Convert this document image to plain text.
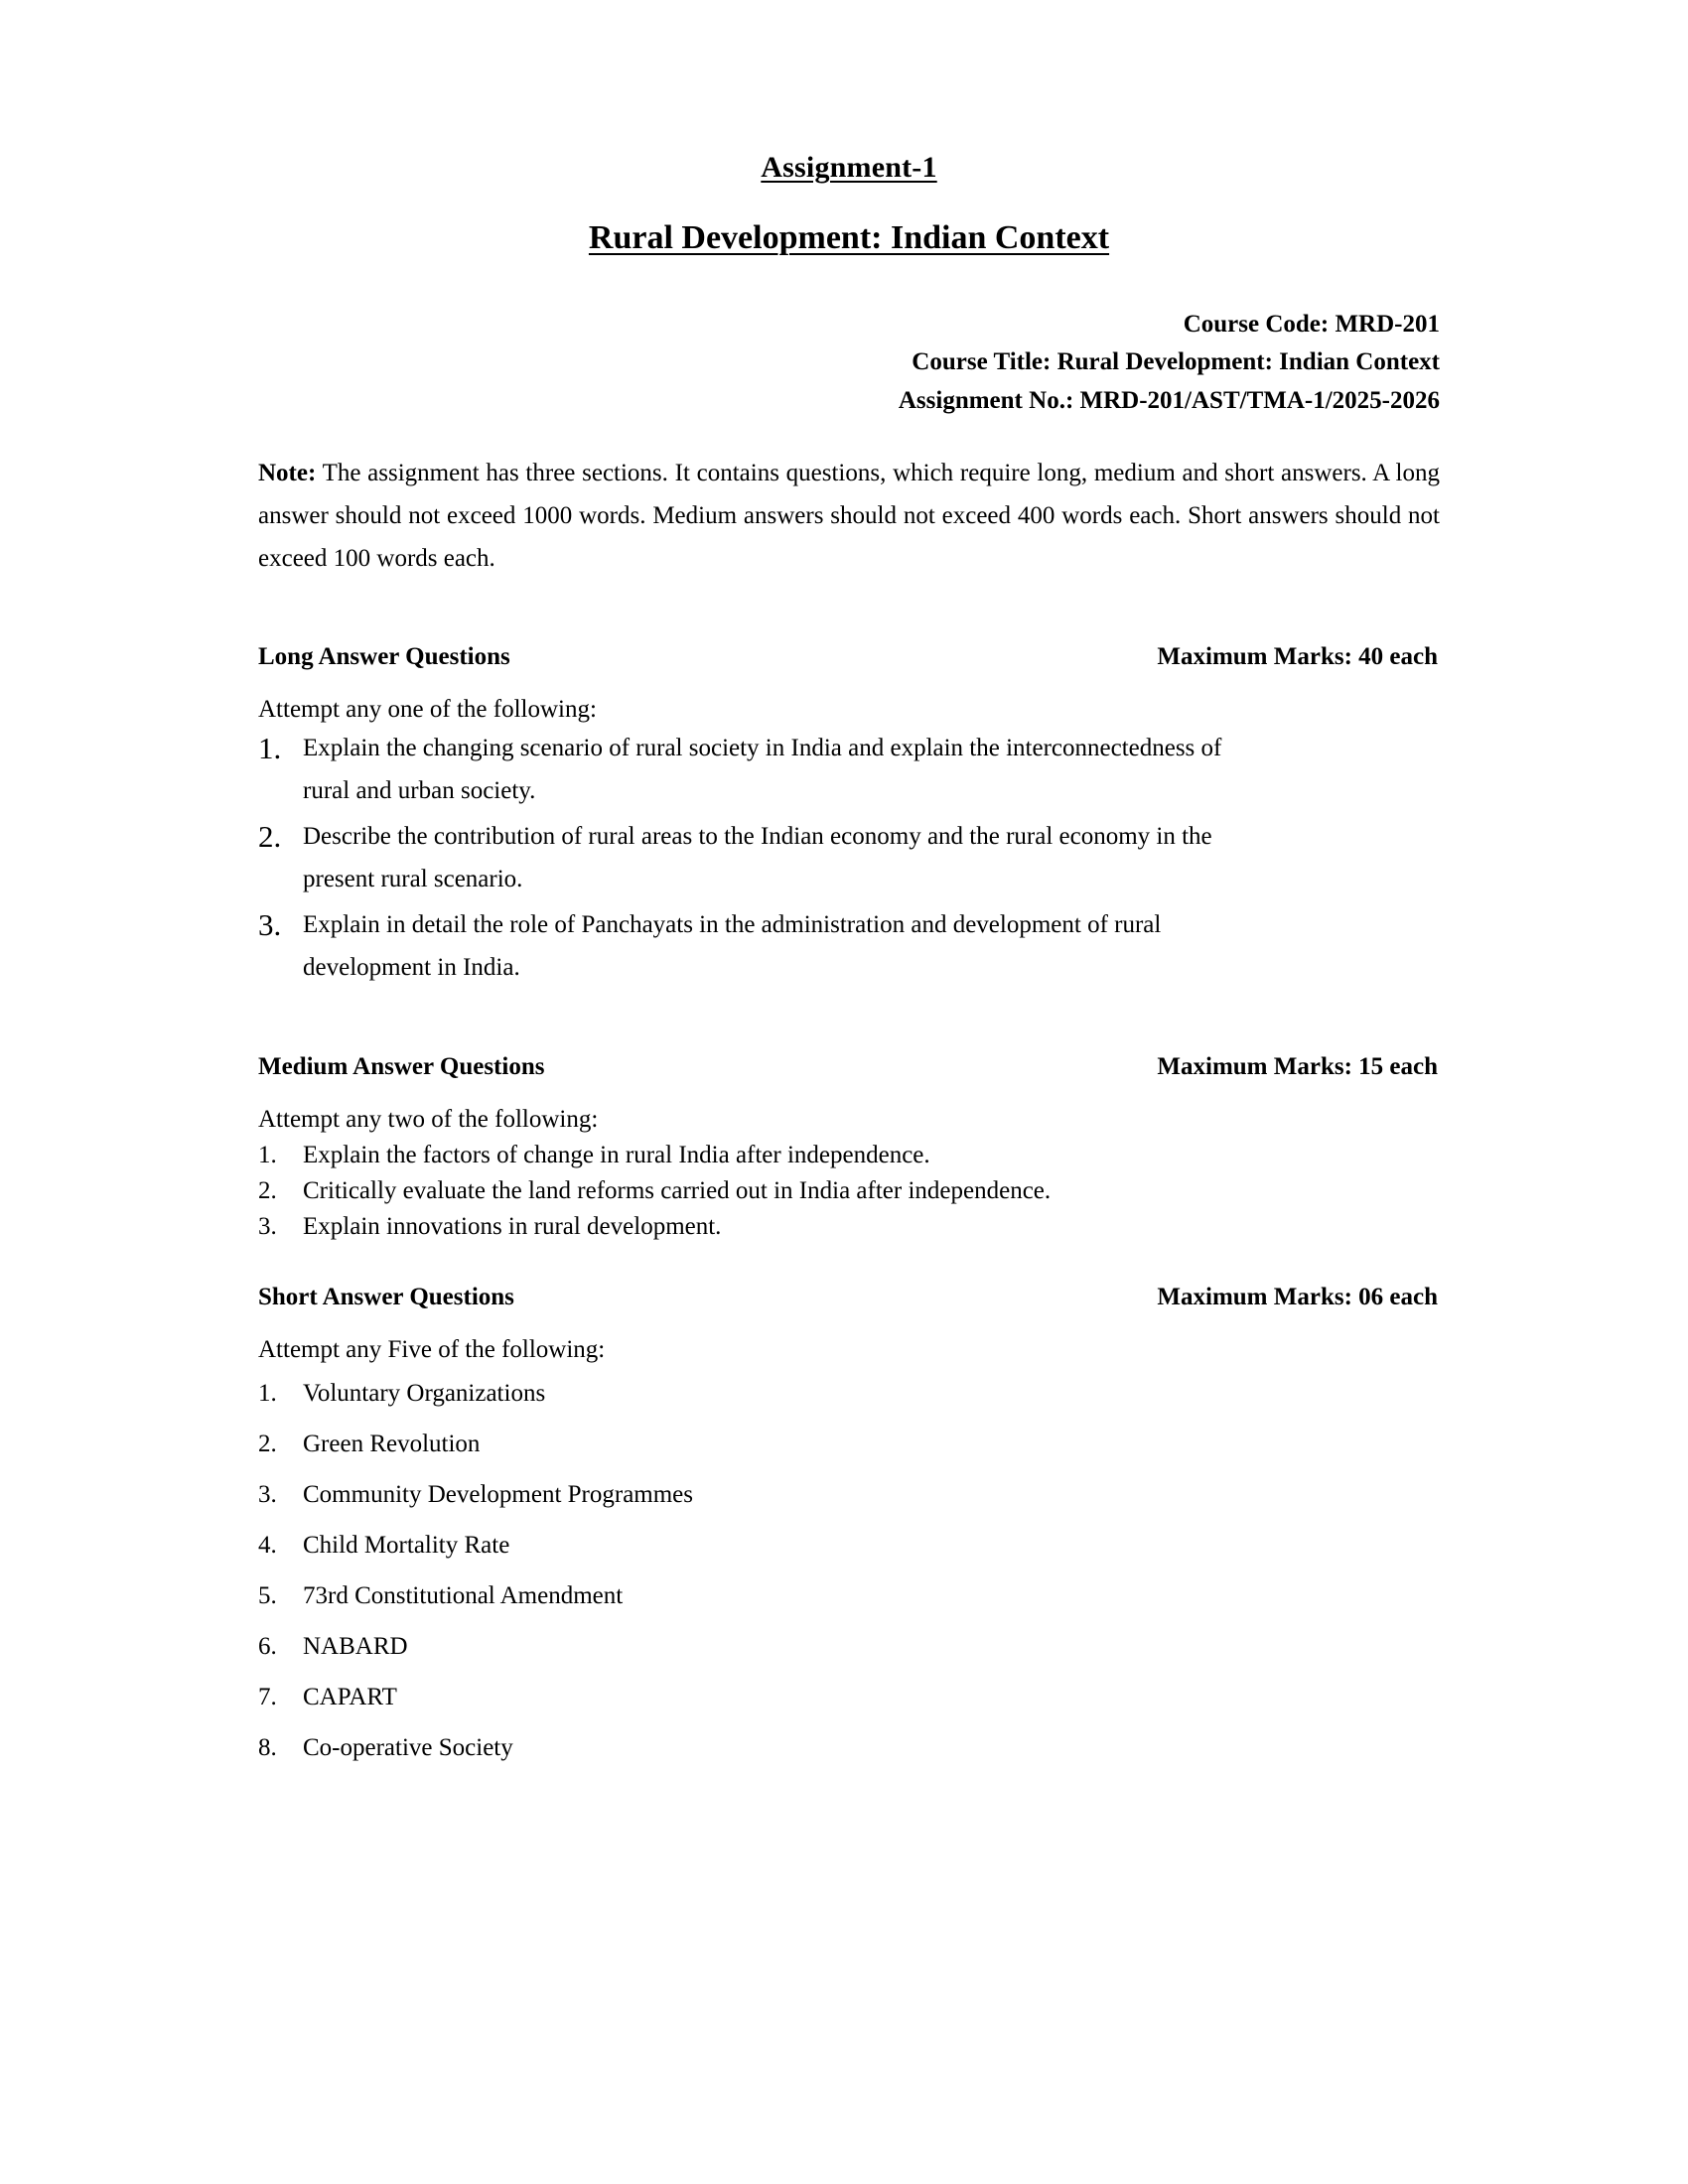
Assignment-1
Rural Development: Indian Context
Course Code: MRD-201
Course Title: Rural Development: Indian Context
Assignment No.: MRD-201/AST/TMA-1/2025-2026

Note: The assignment has three sections. It contains questions, which require long, medium and short answers. A long answer should not exceed 1000 words. Medium answers should not exceed 400 words each. Short answers should not exceed 100 words each.

Long Answer Questions	Maximum Marks: 40 each
Attempt any one of the following:
1. Explain the changing scenario of rural society in India and explain the interconnectedness of rural and urban society.
2. Describe the contribution of rural areas to the Indian economy and the rural economy in the present rural scenario.
3. Explain in detail the role of Panchayats in the administration and development of rural development in India.
Medium Answer Questions	Maximum Marks: 15 each
Attempt any two of the following:
1.	Explain the factors of change in rural India after independence.
2.	Critically evaluate the land reforms carried out in India after independence.
3.	Explain innovations in rural development.
Short Answer Questions	Maximum Marks: 06 each
Attempt any Five of the following:
1.	Voluntary Organizations
2.	Green Revolution
3.	Community Development Programmes
4.	Child Mortality Rate
5.	73rd Constitutional Amendment
6.	NABARD
7.	CAPART
8.	Co-operative Society
